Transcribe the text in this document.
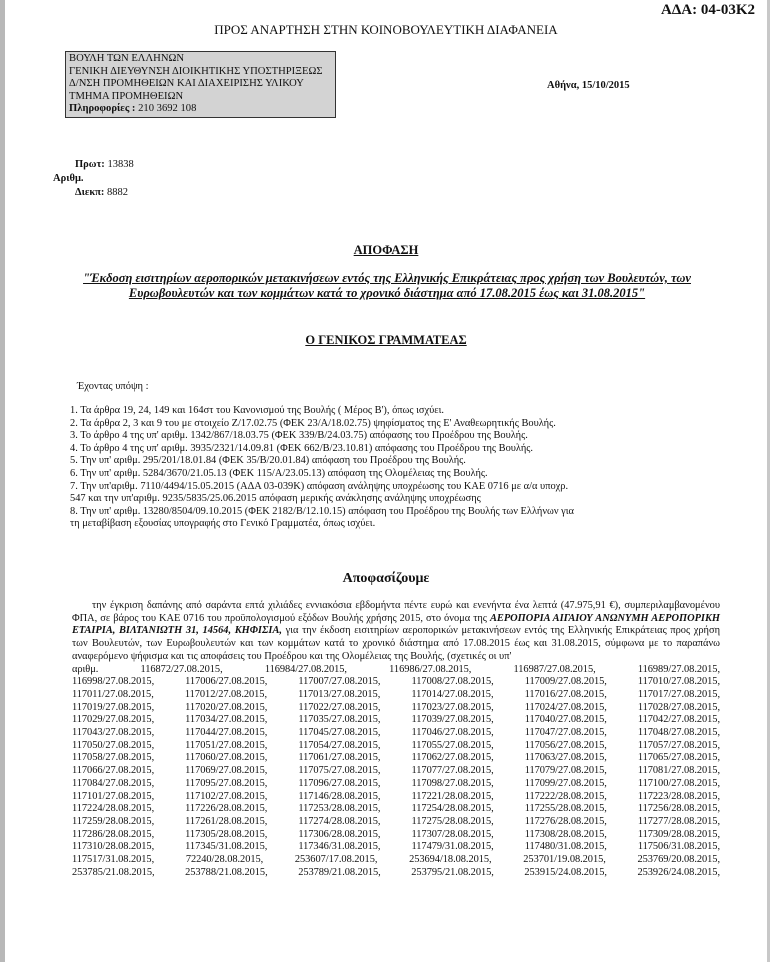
ΑΔΑ: 04-03Κ2
ΠΡΟΣ ΑΝΑΡΤΗΣΗ ΣΤΗΝ ΚΟΙΝΟΒΟΥΛΕΥΤΙΚΗ ΔΙΑΦΑΝΕΙΑ
ΒΟΥΛΗ ΤΩΝ ΕΛΛΗΝΩΝ
ΓΕΝΙΚΗ ΔΙΕΥΘΥΝΣΗ ΔΙΟΙΚΗΤΙΚΗΣ ΥΠΟΣΤΗΡΙΞΕΩΣ
Δ/ΝΣΗ ΠΡΟΜΗΘΕΙΩΝ ΚΑΙ ΔΙΑΧΕΙΡΙΣΗΣ ΥΛΙΚΟΥ
ΤΜΗΜΑ ΠΡΟΜΗΘΕΙΩΝ
Πληροφορίες : 210 3692 108
Αθήνα, 15/10/2015
Πρωτ: 13838
Αριθμ.
Διεκπ: 8882
ΑΠΟΦΑΣΗ
"Έκδοση εισιτηρίων αεροπορικών μετακινήσεων εντός της Ελληνικής Επικράτειας προς χρήση των Βουλευτών, των Ευρωβουλευτών και των κομμάτων κατά το χρονικό διάστημα από 17.08.2015 έως και 31.08.2015"
Ο ΓΕΝΙΚΟΣ ΓΡΑΜΜΑΤΕΑΣ
Έχοντας υπόψη :
1. Τα άρθρα 19, 24, 149 και 164στ του Κανονισμού της Βουλής ( Μέρος Β'), όπως ισχύει.
2. Τα άρθρα 2, 3 και 9 του με στοιχείο Ζ/17.02.75 (ΦΕΚ 23/Α/18.02.75) ψηφίσματος της Ε' Αναθεωρητικής Βουλής.
3. Το άρθρο 4 της υπ' αριθμ. 1342/867/18.03.75 (ΦΕΚ 339/Β/24.03.75) απόφασης του Προέδρου της Βουλής.
4. Το άρθρο 4 της υπ' αριθμ. 3935/2321/14.09.81 (ΦΕΚ 662/Β/23.10.81) απόφασης του Προέδρου της Βουλής.
5. Την υπ' αριθμ. 295/201/18.01.84 (ΦΕΚ 35/Β/20.01.84) απόφαση του Προέδρου της Βουλής.
6. Την υπ' αριθμ. 5284/3670/21.05.13 (ΦΕΚ 115/Α/23.05.13) απόφαση της Ολομέλειας της Βουλής.
7. Την υπ'αριθμ. 7110/4494/15.05.2015 (ΑΔΑ 03-039Κ) απόφαση ανάληψης υποχρέωσης του ΚΑΕ 0716 με α/α υποχρ.
547 και την υπ'αριθμ. 9235/5835/25.06.2015 απόφαση μερικής ανάκλησης ανάληψης υποχρέωσης
8. Την υπ' αριθμ. 13280/8504/09.10.2015 (ΦΕΚ 2182/Β/12.10.15) απόφαση του Προέδρου της Βουλής των Ελλήνων για
τη μεταβίβαση εξουσίας υπογραφής στο Γενικό Γραμματέα, όπως ισχύει.
Αποφασίζουμε

την έγκριση δαπάνης από σαράντα επτά χιλιάδες εννιακόσια εβδομήντα πέντε ευρώ και ενενήντα ένα λεπτά (47.975,91 €), συμπεριλαμβανομένου ΦΠΑ, σε βάρος του ΚΑΕ 0716 του προϋπολογισμού εξόδων Βουλής χρήσης 2015, στο όνομα της ΑΕΡΟΠΟΡΙΑ ΑΙΓΑΙΟΥ ΑΝΩΝΥΜΗ ΑΕΡΟΠΟΡΙΚΗ ΕΤΑΙΡΙΑ, ΒΙΛΤΑΝΙΩΤΗ 31, 14564, ΚΗΦΙΣΙΑ, για την έκδοση εισιτηρίων αεροπορικών μετακινήσεων εντός της Ελληνικής Επικράτειας προς χρήση των Βουλευτών, των Ευρωβουλευτών και των κομμάτων κατά το χρονικό διάστημα από 17.08.2015 έως και 31.08.2015, σύμφωνα με το παραπάνω αναφερόμενο ψήφισμα και τις αποφάσεις του Προέδρου και της Ολομέλειας της Βουλής, (σχετικές οι υπ'

αριθμ. 116872/27.08.2015, 116984/27.08.2015, 116986/27.08.2015, 116987/27.08.2015, 116989/27.08.2015,
116998/27.08.2015, 117006/27.08.2015, 117007/27.08.2015, 117008/27.08.2015, 117009/27.08.2015, 117010/27.08.2015,
117011/27.08.2015, 117012/27.08.2015, 117013/27.08.2015, 117014/27.08.2015, 117016/27.08.2015, 117017/27.08.2015,
117019/27.08.2015, 117020/27.08.2015, 117022/27.08.2015, 117023/27.08.2015, 117024/27.08.2015, 117028/27.08.2015,
117029/27.08.2015, 117034/27.08.2015, 117035/27.08.2015, 117039/27.08.2015, 117040/27.08.2015, 117042/27.08.2015,
117043/27.08.2015, 117044/27.08.2015, 117045/27.08.2015, 117046/27.08.2015, 117047/27.08.2015, 117048/27.08.2015,
117050/27.08.2015, 117051/27.08.2015, 117054/27.08.2015, 117055/27.08.2015, 117056/27.08.2015, 117057/27.08.2015,
117058/27.08.2015, 117060/27.08.2015, 117061/27.08.2015, 117062/27.08.2015, 117063/27.08.2015, 117065/27.08.2015,
117066/27.08.2015, 117069/27.08.2015, 117075/27.08.2015, 117077/27.08.2015, 117079/27.08.2015, 117081/27.08.2015,
117084/27.08.2015, 117095/27.08.2015, 117096/27.08.2015, 117098/27.08.2015, 117099/27.08.2015, 117100/27.08.2015,
117101/27.08.2015, 117102/27.08.2015, 117146/28.08.2015, 117221/28.08.2015, 117222/28.08.2015, 117223/28.08.2015,
117224/28.08.2015, 117226/28.08.2015, 117253/28.08.2015, 117254/28.08.2015, 117255/28.08.2015, 117256/28.08.2015,
117259/28.08.2015, 117261/28.08.2015, 117274/28.08.2015, 117275/28.08.2015, 117276/28.08.2015, 117277/28.08.2015,
117286/28.08.2015, 117305/28.08.2015, 117306/28.08.2015, 117307/28.08.2015, 117308/28.08.2015, 117309/28.08.2015,
117310/28.08.2015, 117345/31.08.2015, 117346/31.08.2015, 117479/31.08.2015, 117480/31.08.2015, 117506/31.08.2015,
117517/31.08.2015, 72240/28.08.2015, 253607/17.08.2015, 253694/18.08.2015, 253701/19.08.2015, 253769/20.08.2015,
253785/21.08.2015, 253788/21.08.2015, 253789/21.08.2015, 253795/21.08.2015, 253915/24.08.2015, 253926/24.08.2015,
